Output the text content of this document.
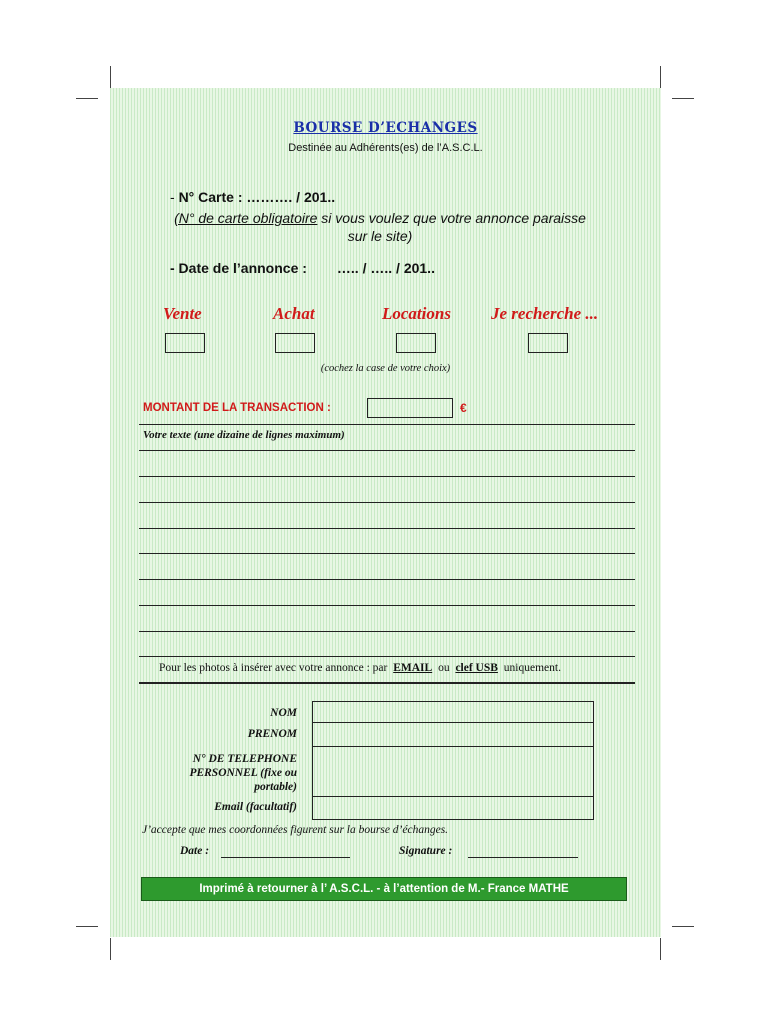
BOURSE D’ECHANGES
Destinée au Adhérents(es) de l’A.S.C.L.
- N° Carte : ………. / 201..
(N° de carte obligatoire si vous voulez que votre annonce paraisse sur le site)
- Date de l’annonce : ….. / ….. / 201..
Vente	Achat	Locations Je recherche ...
(cochez la case de votre choix)
MONTANT DE LA TRANSACTION :	€
Votre texte (une dizaine de lignes maximum)
Pour les photos à insérer avec votre annonce : par EMAIL ou clef USB uniquement.
NOM
PRENOM
N° DE TELEPHONE
PERSONNEL (fixe ou
portable)
Email (facultatif)
J’accepte que mes coordonnées figurent sur la bourse d’échanges.
Date :	Signature :
Imprimé à retourner à l’ A.S.C.L. - à l’attention de M.- France MATHE
